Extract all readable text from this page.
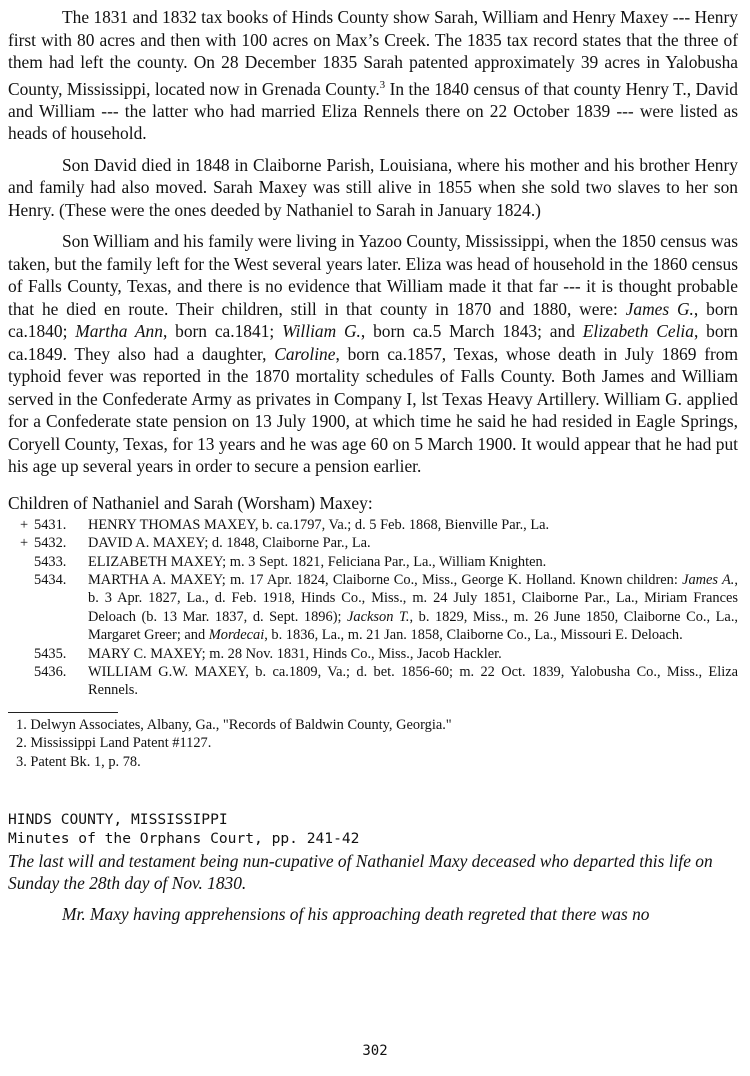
The 1831 and 1832 tax books of Hinds County show Sarah, William and Henry Maxey --- Henry first with 80 acres and then with 100 acres on Max’s Creek. The 1835 tax record states that the three of them had left the county. On 28 December 1835 Sarah patented approximately 39 acres in Yalobusha County, Mississippi, located now in Grenada County.$^3$ In the 1840 census of that county Henry T., David and William --- the latter who had married Eliza Rennels there on 22 October 1839 --- were listed as heads of household.

Son David died in 1848 in Claiborne Parish, Louisiana, where his mother and his brother Henry and family had also moved. Sarah Maxey was still alive in 1855 when she sold two slaves to her son Henry. (These were the ones deeded by Nathaniel to Sarah in January 1824.)

Son William and his family were living in Yazoo County, Mississippi, when the 1850 census was taken, but the family left for the West several years later. Eliza was head of household in the 1860 census of Falls County, Texas, and there is no evidence that William made it that far --- it is thought probable that he died en route. Their children, still in that county in 1870 and 1880, were: James G., born ca.1840; Martha Ann, born ca.1841; William G., born ca.5 March 1843; and Elizabeth Celia, born ca.1849. They also had a daughter, Caroline, born ca.1857, Texas, whose death in July 1869 from typhoid fever was reported in the 1870 mortality schedules of Falls County. Both James and William served in the Confederate Army as privates in Company I, lst Texas Heavy Artillery. William G. applied for a Confederate state pension on 13 July 1900, at which time he said he had resided in Eagle Springs, Coryell County, Texas, for 13 years and he was age 60 on 5 March 1900. It would appear that he had put his age up several years in order to secure a pension earlier.

Children of Nathaniel and Sarah (Worsham) Maxey:
+ 5431.	HENRY THOMAS MAXEY, b. ca.1797, Va.; d. 5 Feb. 1868, Bienville Par., La.
+ 5432.	DAVID A. MAXEY; d. 1848, Claiborne Par., La.
5433.	ELIZABETH MAXEY; m. 3 Sept. 1821, Feliciana Par., La., William Knighten.
5434.	MARTHA A. MAXEY; m. 17 Apr. 1824, Claiborne Co., Miss., George K. Holland. Known children: James A., b. 3 Apr. 1827, La., d. Feb. 1918, Hinds Co., Miss., m. 24 July 1851, Claiborne Par., La., Miriam Frances Deloach (b. 13 Mar. 1837, d. Sept. 1896); Jackson T., b. 1829, Miss., m. 26 June 1850, Claiborne Co., La., Margaret Greer; and Mordecai, b. 1836, La., m. 21 Jan. 1858, Claiborne Co., La., Missouri E. Deloach.
5435.	MARY C. MAXEY; m. 28 Nov. 1831, Hinds Co., Miss., Jacob Hackler.
5436.	WILLIAM G.W. MAXEY, b. ca.1809, Va.; d. bet. 1856-60; m. 22 Oct. 1839, Yalobusha Co., Miss., Eliza Rennels.
1. Delwyn Associates, Albany, Ga., "Records of Baldwin County, Georgia."
2. Mississippi Land Patent #1127.
3. Patent Bk. 1, p. 78.
HINDS COUNTY, MISSISSIPPI
Minutes of the Orphans Court, pp. 241-42

The last will and testament being nun-cupative of Nathaniel Maxy deceased who departed this life on Sunday the 28th day of Nov. 1830.

Mr. Maxy having apprehensions of his approaching death regreted that there was no

302
